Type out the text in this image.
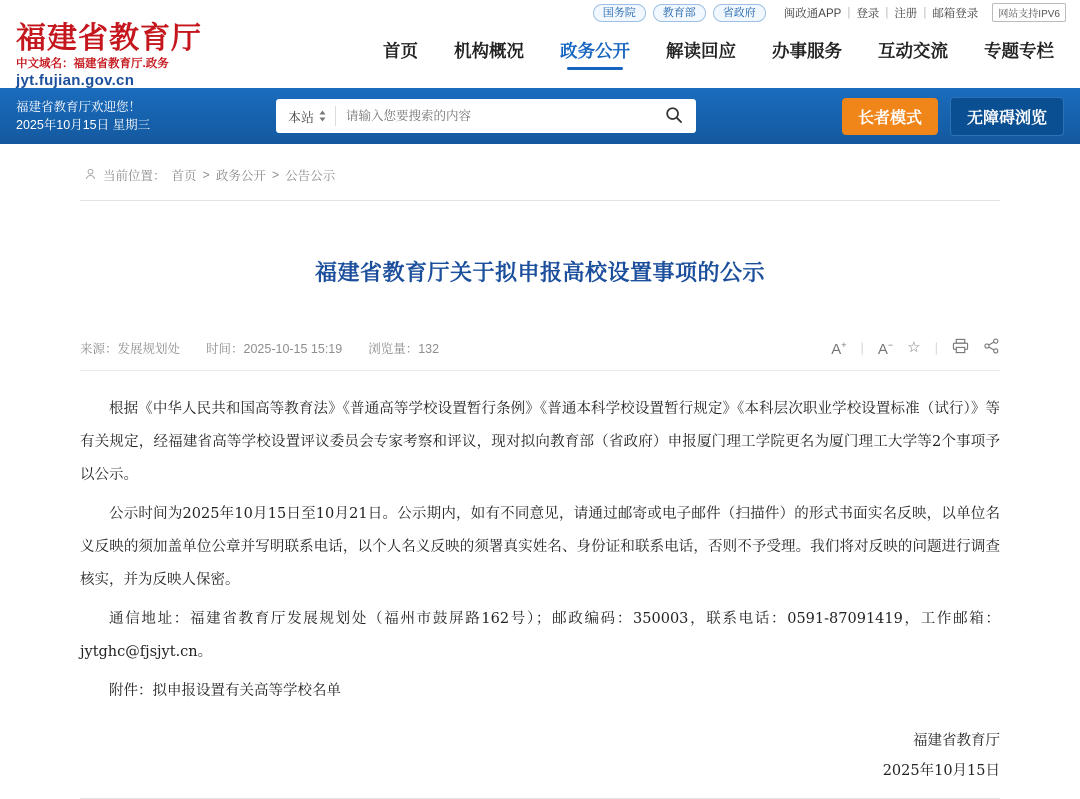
国务院	教育部	省政府	闽政通APP | 登录 | 注册 | 邮箱登录	网站支持IPV6
福建省教育厅
中文域名：福建省教育厅.政务
jyt.fujian.gov.cn
首页 机构概况 政务公开 解读回应 办事服务 互动交流 专题专栏
福建省教育厅欢迎您！
2025年10月15日 星期三
本站
请输入您要搜索的内容	长者模式	无障碍浏览
当前位置： 首页 > 政务公开 > 公告公示
福建省教育厅关于拟申报高校设置事项的公示
来源：发展规划处 时间：2025-10-15 15:19 浏览量：132	A+ | A− ☆ |

根据《中华人民共和国高等教育法》《普通高等学校设置暂行条例》《普通本科学校设置暂行规定》《本科层次职业学校设置标准（试行）》等有关规定，经福建省高等学校设置评议委员会专家考察和评议，现对拟向教育部（省政府）申报厦门理工学院更名为厦门理工大学等2个事项予以公示。

公示时间为2025年10月15日至10月21日。公示期内，如有不同意见，请通过邮寄或电子邮件（扫描件）的形式书面实名反映，以单位名义反映的须加盖单位公章并写明联系电话，以个人名义反映的须署真实姓名、身份证和联系电话，否则不予受理。我们将对反映的问题进行调查核实，并为反映人保密。

通信地址：福建省教育厅发展规划处（福州市鼓屏路162号）；邮政编码：350003，联系电话：0591-87091419，工作邮箱：jytghc@fjsjyt.cn。

附件：拟申报设置有关高等学校名单

福建省教育厅
2025年10月15日
